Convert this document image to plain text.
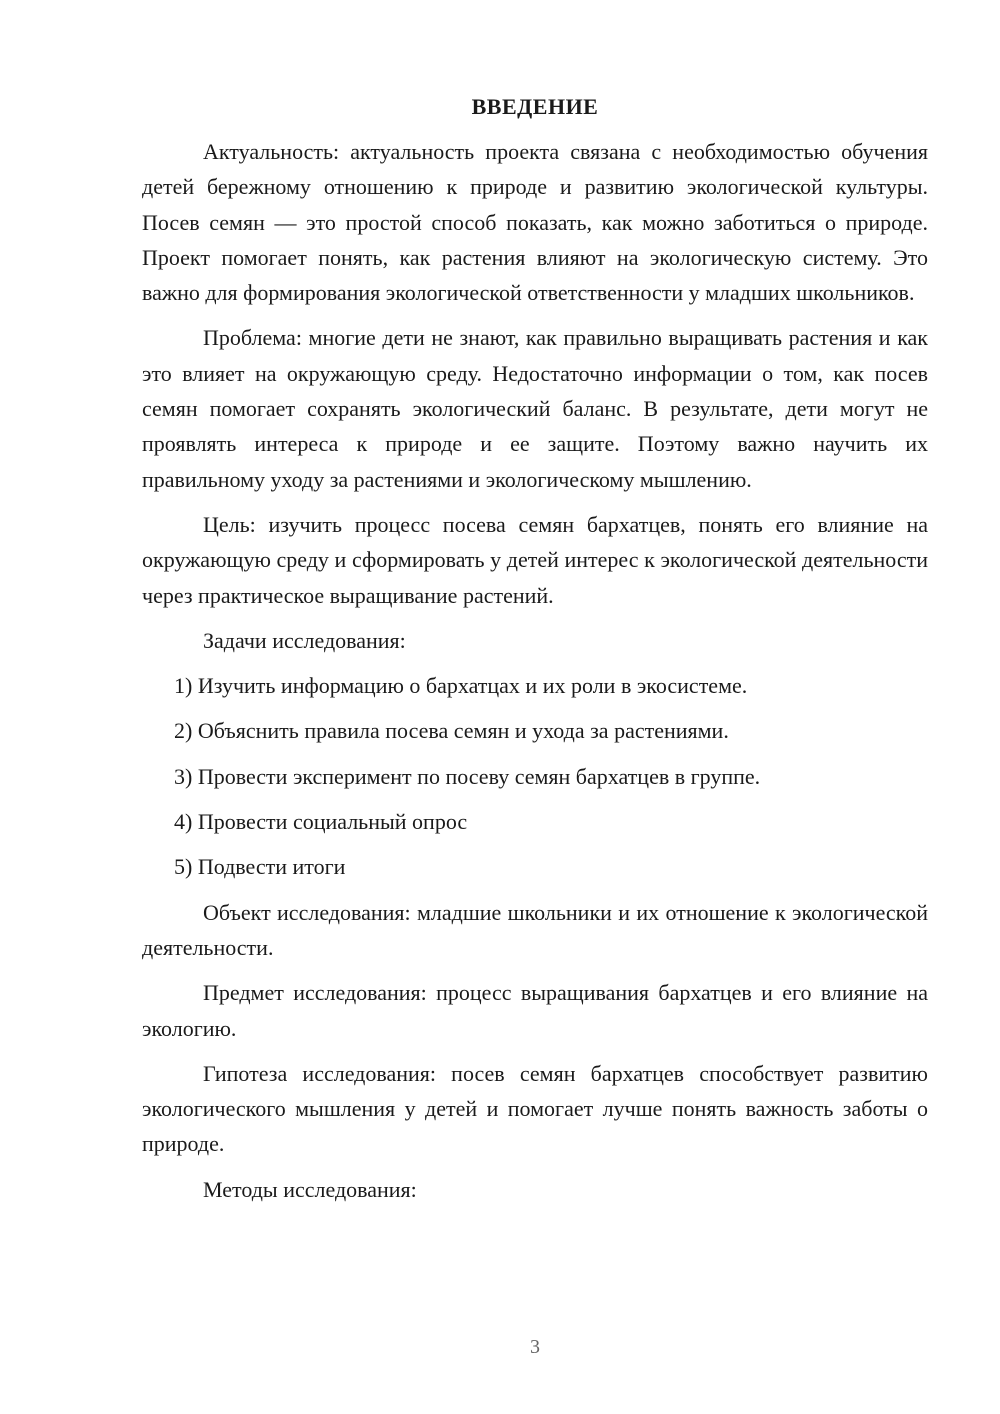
ВВЕДЕНИЕ

Актуальность: актуальность проекта связана с необходимостью обучения детей бережному отношению к природе и развитию экологической культуры. Посев семян — это простой способ показать, как можно заботиться о природе. Проект помогает понять, как растения влияют на экологическую систему. Это важно для формирования экологической ответственности у младших школьников.

Проблема: многие дети не знают, как правильно выращивать растения и как это влияет на окружающую среду. Недостаточно информации о том, как посев семян помогает сохранять экологический баланс. В результате, дети могут не проявлять интереса к природе и ее защите. Поэтому важно научить их правильному уходу за растениями и экологическому мышлению.

Цель: изучить процесс посева семян бархатцев, понять его влияние на окружающую среду и сформировать у детей интерес к экологической деятельности через практическое выращивание растений.

Задачи исследования:

1) Изучить информацию о бархатцах и их роли в экосистеме.
2) Объяснить правила посева семян и ухода за растениями.
3) Провести эксперимент по посеву семян бархатцев в группе.
4) Провести социальный опрос
5) Подвести итоги

Объект исследования: младшие школьники и их отношение к экологической деятельности.

Предмет исследования: процесс выращивания бархатцев и его влияние на экологию.

Гипотеза исследования: посев семян бархатцев способствует развитию экологического мышления у детей и помогает лучше понять важность заботы о природе.

Методы исследования:

3
